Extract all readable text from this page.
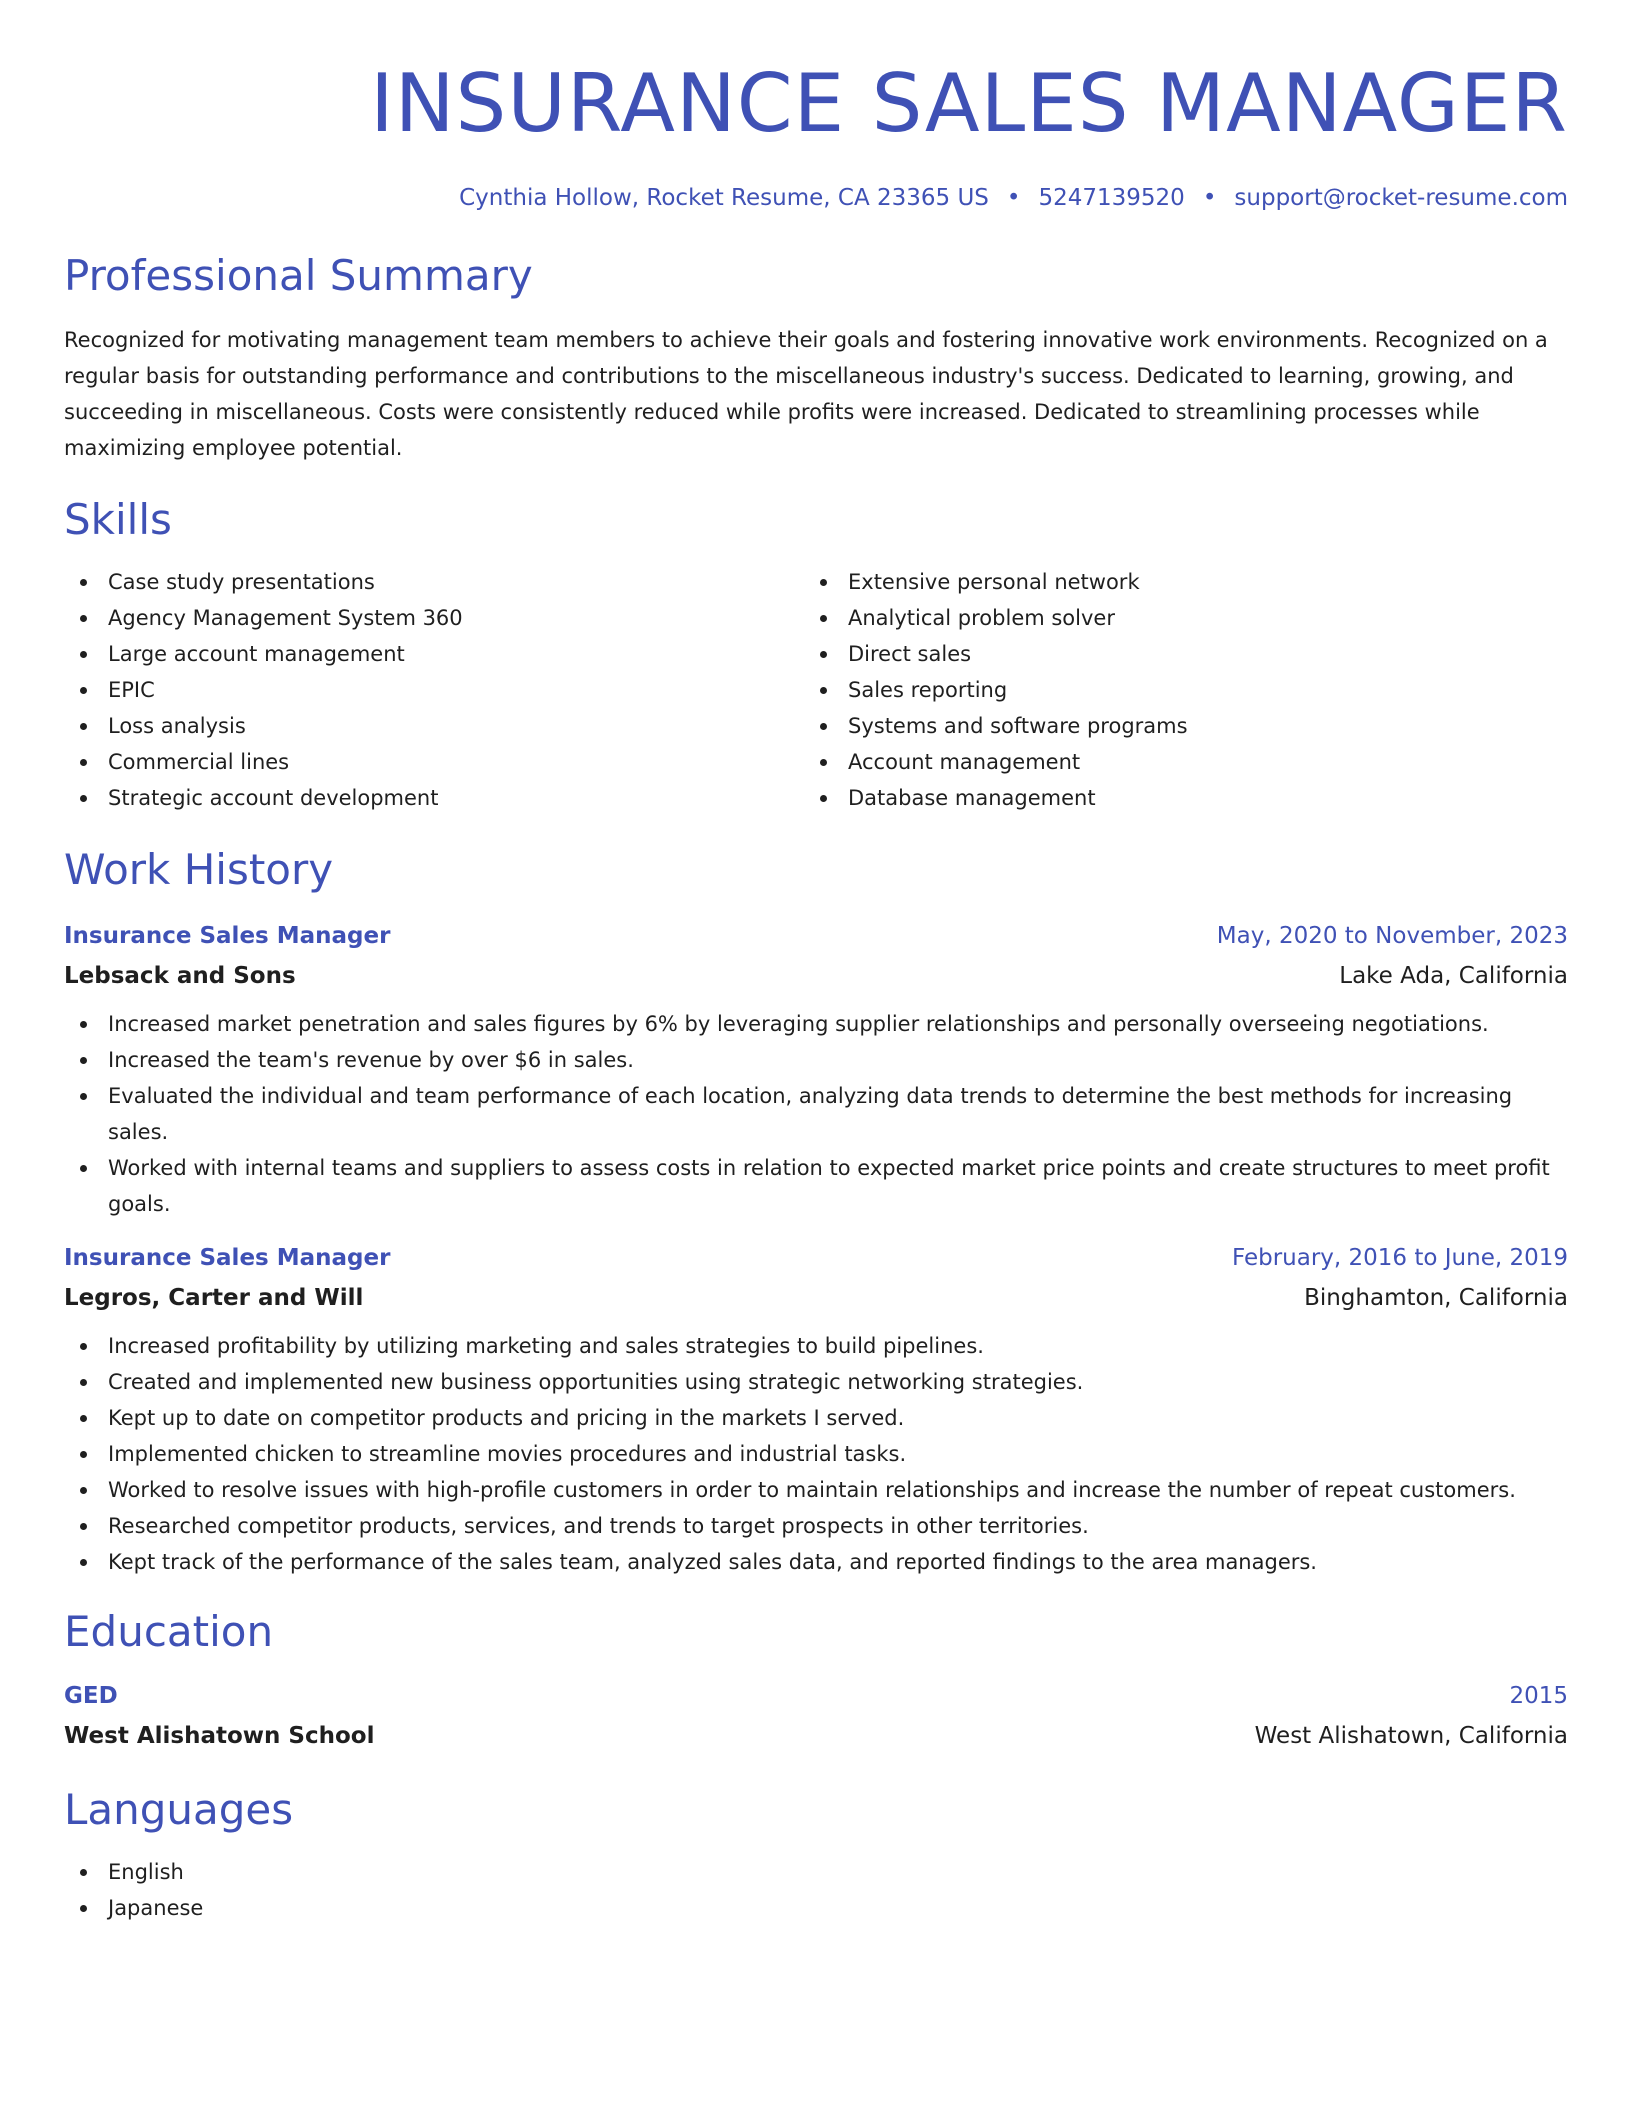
INSURANCE SALES MANAGER
Cynthia Hollow, Rocket Resume, CA 23365 US • 5247139520 • support@rocket-resume.com
Professional Summary

Recognized for motivating management team members to achieve their goals and fostering innovative work environments. Recognized on a regular basis for outstanding performance and contributions to the miscellaneous industry's success. Dedicated to learning, growing, and succeeding in miscellaneous. Costs were consistently reduced while profits were increased. Dedicated to streamlining processes while maximizing employee potential.

Skills
Case study presentations
Agency Management System 360
Large account management
EPIC
Loss analysis
Commercial lines
Strategic account development
Extensive personal network
Analytical problem solver
Direct sales
Sales reporting
Systems and software programs
Account management
Database management
Work History
Insurance Sales Manager	May, 2020 to November, 2023
Lebsack and Sons	Lake Ada, California
Increased market penetration and sales figures by 6% by leveraging supplier relationships and personally overseeing negotiations.
Increased the team's revenue by over $6 in sales.
Evaluated the individual and team performance of each location, analyzing data trends to determine the best methods for increasing sales.
Worked with internal teams and suppliers to assess costs in relation to expected market price points and create structures to meet profit goals.
Insurance Sales Manager	February, 2016 to June, 2019
Legros, Carter and Will	Binghamton, California
Increased profitability by utilizing marketing and sales strategies to build pipelines.
Created and implemented new business opportunities using strategic networking strategies.
Kept up to date on competitor products and pricing in the markets I served.
Implemented chicken to streamline movies procedures and industrial tasks.
Worked to resolve issues with high-profile customers in order to maintain relationships and increase the number of repeat customers.
Researched competitor products, services, and trends to target prospects in other territories.
Kept track of the performance of the sales team, analyzed sales data, and reported findings to the area managers.
Education
GED	2015
West Alishatown School	West Alishatown, California
Languages
English
Japanese
